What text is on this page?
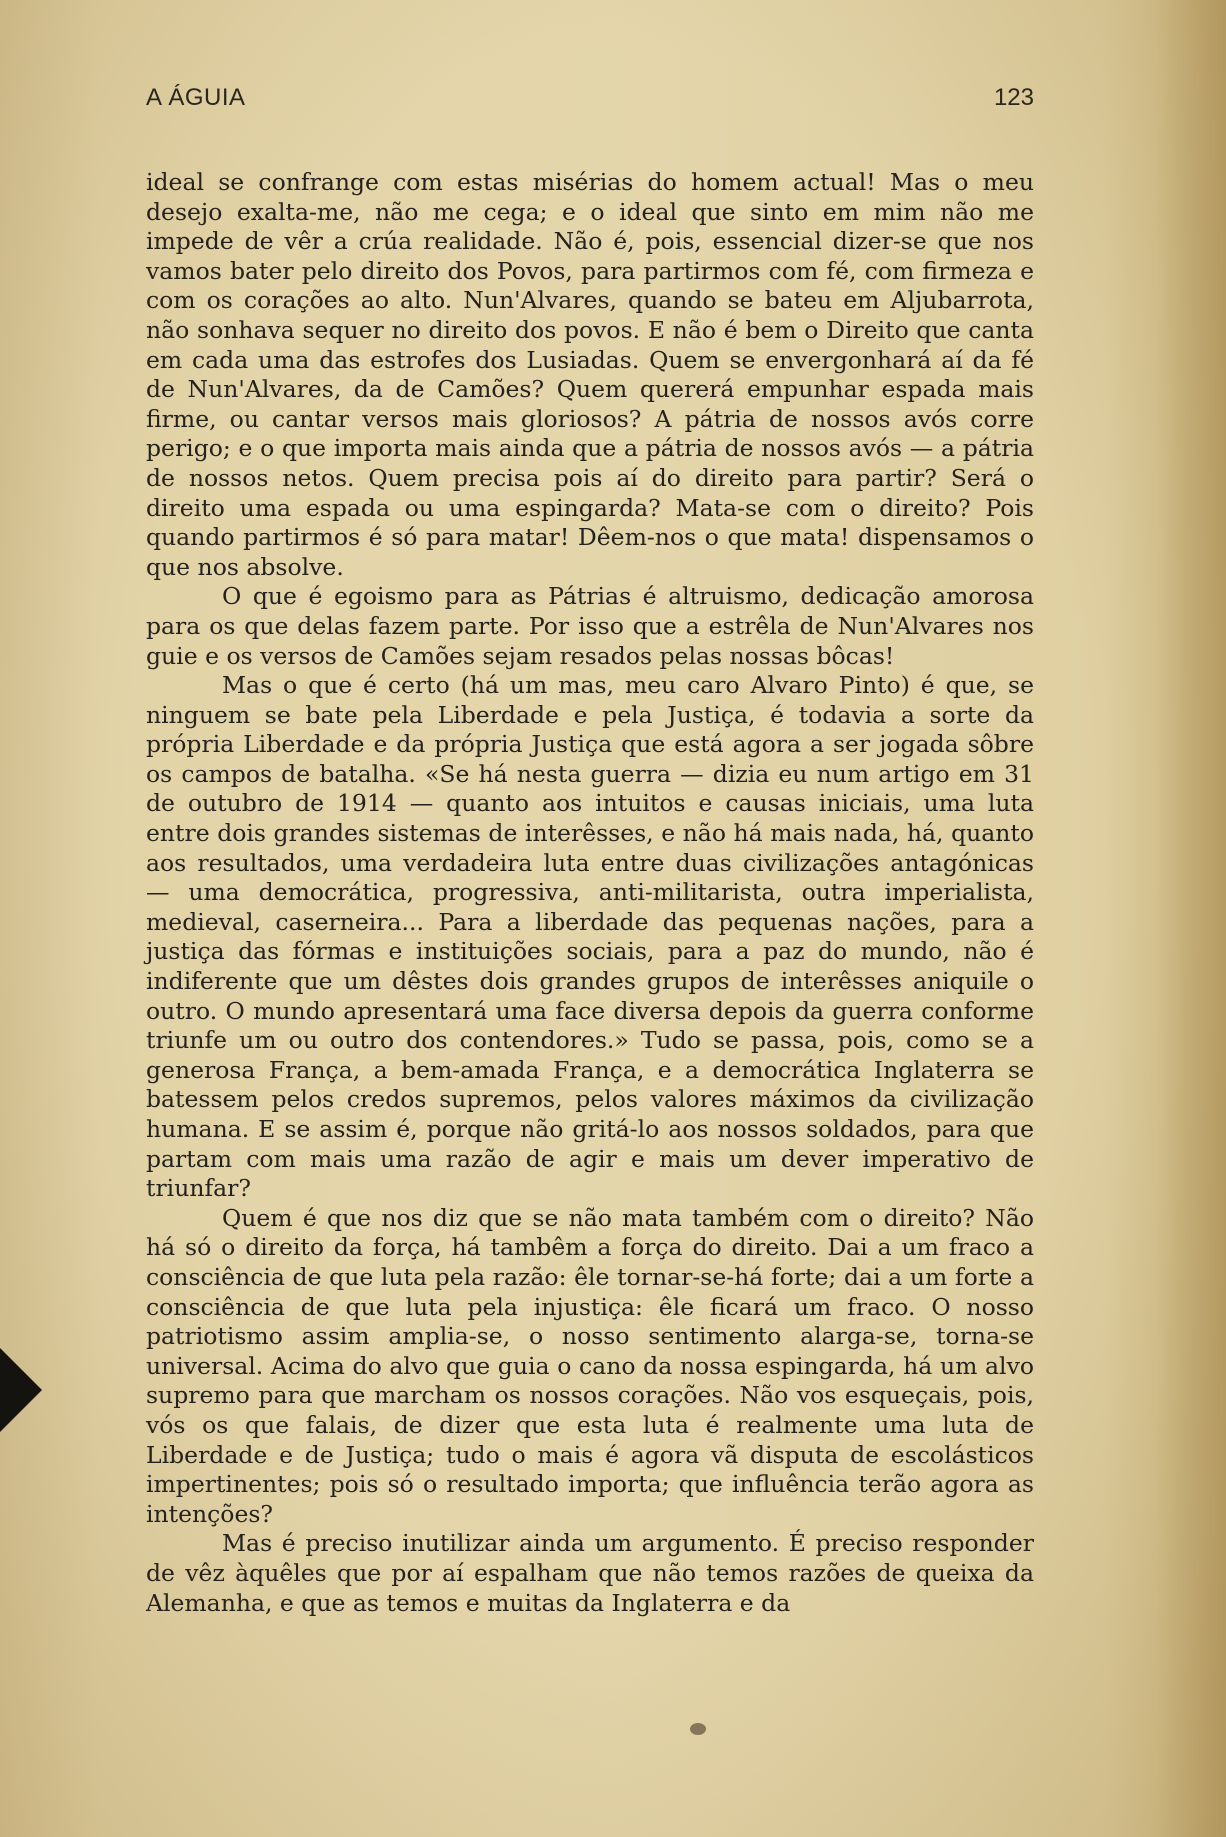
A ÁGUIA	123

ideal se confrange com estas misérias do homem actual! Mas o meu desejo exalta-me, não me cega; e o ideal que sinto em mim não me impede de vêr a crúa realidade. Não é, pois, essencial dizer-se que nos vamos bater pelo direito dos Povos, para partirmos com fé, com firmeza e com os corações ao alto. Nun'Alvares, quando se bateu em Aljubarrota, não sonhava sequer no direito dos povos. E não é bem o Direito que canta em cada uma das estrofes dos Lusiadas. Quem se envergonhará aí da fé de Nun'Alvares, da de Camões? Quem quererá empunhar espada mais firme, ou cantar versos mais gloriosos? A pátria de nossos avós corre perigo; e o que importa mais ainda que a pátria de nossos avós — a pátria de nossos netos. Quem precisa pois aí do direito para partir? Será o direito uma espada ou uma espingarda? Mata-se com o direito? Pois quando partirmos é só para matar! Dêem-nos o que mata! dispensamos o que nos absolve.

O que é egoismo para as Pátrias é altruismo, dedicação amorosa para os que delas fazem parte. Por isso que a estrêla de Nun'Alvares nos guie e os versos de Camões sejam resados pelas nossas bôcas!

Mas o que é certo (há um mas, meu caro Alvaro Pinto) é que, se ninguem se bate pela Liberdade e pela Justiça, é todavia a sorte da própria Liberdade e da própria Justiça que está agora a ser jogada sôbre os campos de batalha. «Se há nesta guerra — dizia eu num artigo em 31 de outubro de 1914 — quanto aos intuitos e causas iniciais, uma luta entre dois grandes sistemas de interêsses, e não há mais nada, há, quanto aos resultados, uma verdadeira luta entre duas civilizações antagónicas — uma democrática, progressiva, anti-militarista, outra imperialista, medieval, caserneira... Para a liberdade das pequenas nações, para a justiça das fórmas e instituições sociais, para a paz do mundo, não é indiferente que um dêstes dois grandes grupos de interêsses aniquile o outro. O mundo apresentará uma face diversa depois da guerra conforme triunfe um ou outro dos contendores.» Tudo se passa, pois, como se a generosa França, a bem-amada França, e a democrática Inglaterra se batessem pelos credos supremos, pelos valores máximos da civilização humana. E se assim é, porque não gritá-lo aos nossos soldados, para que partam com mais uma razão de agir e mais um dever imperativo de triunfar?

Quem é que nos diz que se não mata também com o direito? Não há só o direito da força, há tambêm a força do direito. Dai a um fraco a consciência de que luta pela razão: êle tornar-se-há forte; dai a um forte a consciência de que luta pela injustiça: êle ficará um fraco. O nosso patriotismo assim amplia-se, o nosso sentimento alarga-se, torna-se universal. Acima do alvo que guia o cano da nossa espingarda, há um alvo supremo para que marcham os nossos corações. Não vos esqueçais, pois, vós os que falais, de dizer que esta luta é realmente uma luta de Liberdade e de Justiça; tudo o mais é agora vã disputa de escolásticos impertinentes; pois só o resultado importa; que influência terão agora as intenções?

Mas é preciso inutilizar ainda um argumento. É preciso responder de vêz àquêles que por aí espalham que não temos razões de queixa da Alemanha, e que as temos e muitas da Inglaterra e da
